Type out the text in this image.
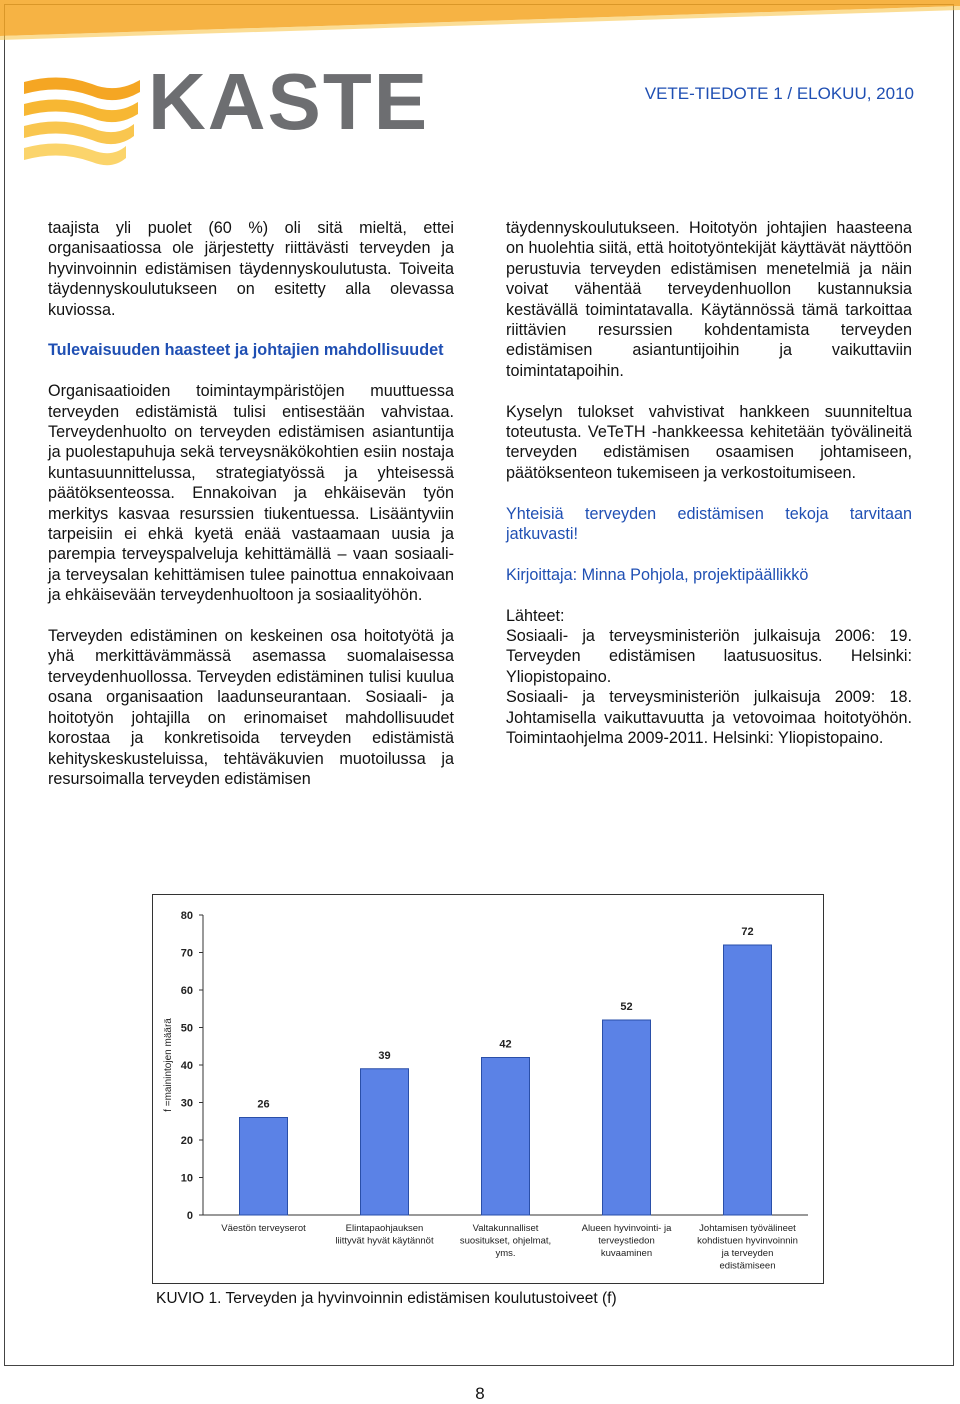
KASTE	VETE-TIEDOTE 1 / ELOKUU, 2010

taajista yli puolet (60 %) oli sitä mieltä, ettei organisaatiossa ole järjestetty riittävästi terveyden ja hyvinvoinnin edistämisen täydennyskoulutusta. Toiveita täydennyskoulutukseen on esitetty alla olevassa kuviossa.

Tulevaisuuden haasteet ja johtajien mahdollisuudet

Organisaatioiden toimintaympäristöjen muuttuessa terveyden edistämistä tulisi entisestään vahvistaa. Terveydenhuolto on terveyden edistämisen asiantuntija ja puolestapuhuja sekä terveysnäkökohtien esiin nostaja kuntasuunnittelussa, strategiatyössä ja yhteisessä päätöksenteossa. Ennakoivan ja ehkäisevän työn merkitys kasvaa resurssien tiukentuessa. Lisääntyviin tarpeisiin ei ehkä kyetä enää vastaamaan uusia ja parempia terveyspalveluja kehittämällä – vaan sosiaali- ja terveysalan kehittämisen tulee painottua ennakoivaan ja ehkäisevään terveydenhuoltoon ja sosiaalityöhön.

Terveyden edistäminen on keskeinen osa hoitotyötä ja yhä merkittävämmässä asemassa suomalaisessa terveydenhuollossa. Terveyden edistäminen tulisi kuulua osana organisaation laadunseurantaan. Sosiaali- ja hoitotyön johtajilla on erinomaiset mahdollisuudet korostaa ja konkretisoida terveyden edistämistä kehityskeskusteluissa, tehtäväkuvien muotoilussa ja resursoimalla terveyden edistämisen

täydennyskoulutukseen. Hoitotyön johtajien haasteena on huolehtia siitä, että hoitotyöntekijät käyttävät näyttöön perustuvia terveyden edistämisen menetelmiä ja näin voivat vähentää terveydenhuollon kustannuksia kestävällä toimintatavalla. Käytännössä tämä tarkoittaa riittävien resurssien kohdentamista terveyden edistämisen asiantuntijoihin ja vaikuttaviin toimintatapoihin.

Kyselyn tulokset vahvistivat hankkeen suunniteltua toteutusta. VeTeTH -hankkeessa kehitetään työvälineitä terveyden edistämisen osaamisen johtamiseen, päätöksenteon tukemiseen ja verkostoitumiseen.

Yhteisiä terveyden edistämisen tekoja tarvitaan jatkuvasti!

Kirjoittaja: Minna Pohjola, projektipäällikkö

Lähteet:

Sosiaali- ja terveysministeriön julkaisuja 2006: 19. Terveyden edistämisen laatusuositus. Helsinki: Yliopistopaino.

Sosiaali- ja terveysministeriön julkaisuja 2009: 18. Johtamisella vaikuttavuutta ja vetovoimaa hoitotyöhön. Toimintaohjelma 2009-2011. Helsinki: Yliopistopaino.

0
10
20
30
40
50
60
70
80
f =mainintojen määrä	26
Väestön terveyserot
39
Elintapaohjauksen liittyvät hyvät käytännöt
42
Valtakunnalliset suositukset, ohjelmat, yms.
52
Alueen hyvinvointi- ja terveystiedon kuvaaminen
72
Johtamisen työvälineet kohdistuen hyvinvoinnin ja terveyden edistämiseen
KUVIO 1. Terveyden ja hyvinvoinnin edistämisen koulutustoiveet (f)
8
